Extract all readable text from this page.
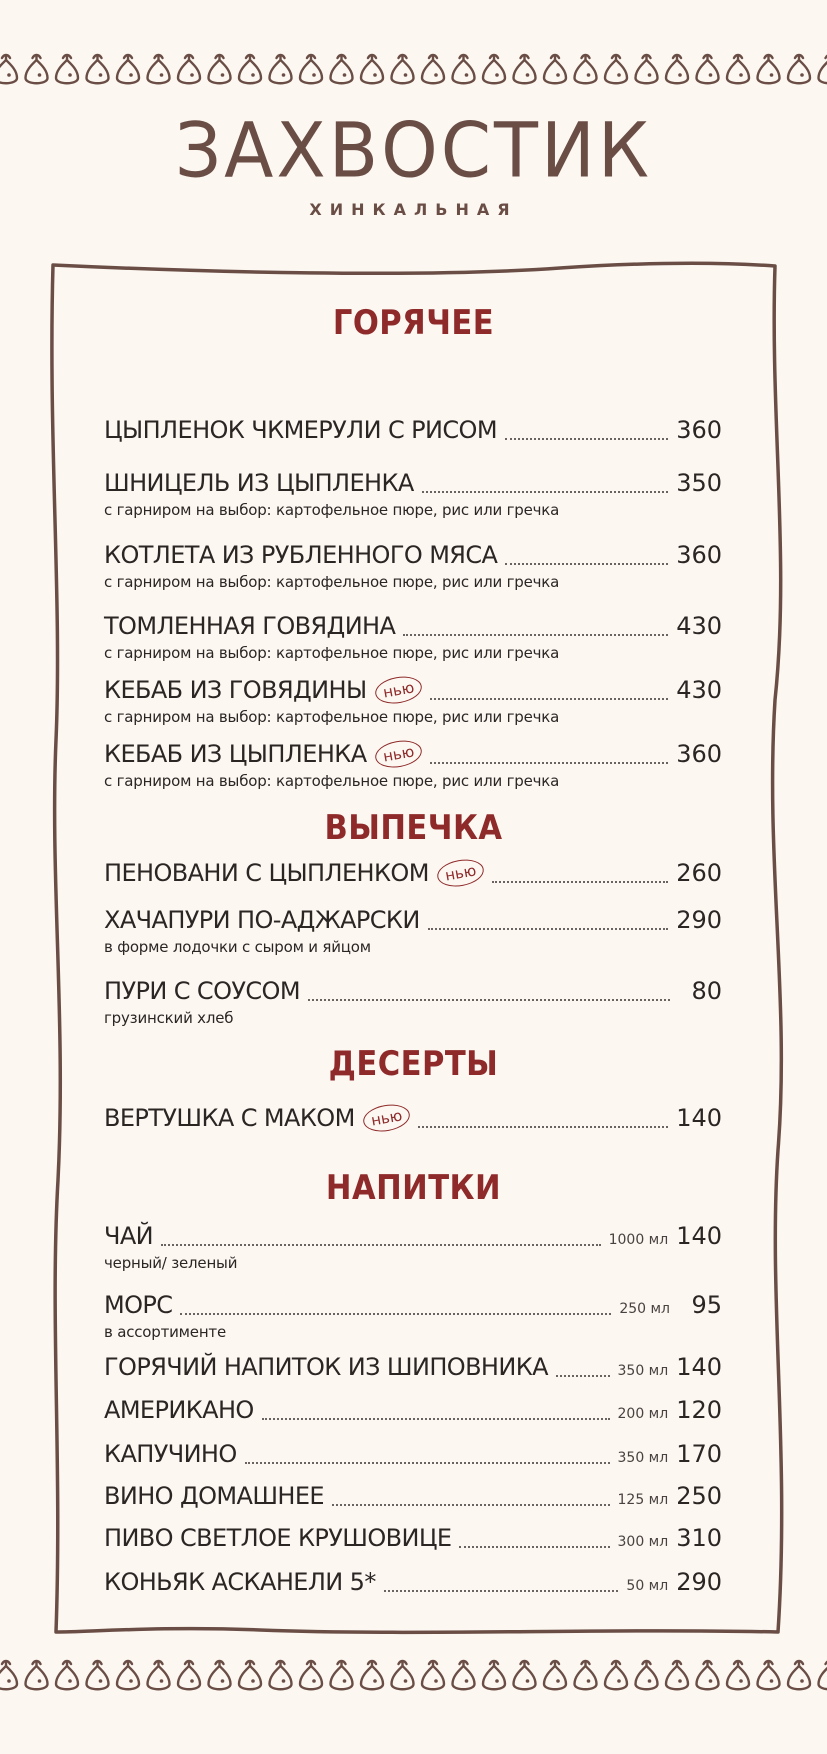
ЗАХВОСТИК
ХИНКАЛЬНАЯ
ГОРЯЧЕЕ
ВЫПЕЧКА
ДЕСЕРТЫ
НАПИТКИ
ЦЫПЛЕНОК ЧКМЕРУЛИ С РИСОМ	360
ШНИЦЕЛЬ ИЗ ЦЫПЛЕНКА	350
с гарниром на выбор: картофельное пюре, рис или гречка
КОТЛЕТА ИЗ РУБЛЕННОГО МЯСА	360
с гарниром на выбор: картофельное пюре, рис или гречка
ТОМЛЕННАЯ ГОВЯДИНА	430
с гарниром на выбор: картофельное пюре, рис или гречка
КЕБАБ ИЗ ГОВЯДИНЫ нью	430
с гарниром на выбор: картофельное пюре, рис или гречка
КЕБАБ ИЗ ЦЫПЛЕНКА нью	360
с гарниром на выбор: картофельное пюре, рис или гречка
ПЕНОВАНИ С ЦЫПЛЕНКОМ нью	260
ХАЧАПУРИ ПО-АДЖАРСКИ	290
в форме лодочки с сыром и яйцом
ПУРИ С СОУСОМ	80
грузинский хлеб
ВЕРТУШКА С МАКОМ нью	140
ЧАЙ	1000 мл 140
черный/ зеленый
МОРС	250 мл 95
в ассортименте
ГОРЯЧИЙ НАПИТОК ИЗ ШИПОВНИКА	350 мл 140
АМЕРИКАНО	200 мл 120
КАПУЧИНО	350 мл 170
ВИНО ДОМАШНЕЕ	125 мл 250
ПИВО СВЕТЛОЕ КРУШОВИЦЕ	300 мл 310
КОНЬЯК АСКАНЕЛИ 5*	50 мл 290
